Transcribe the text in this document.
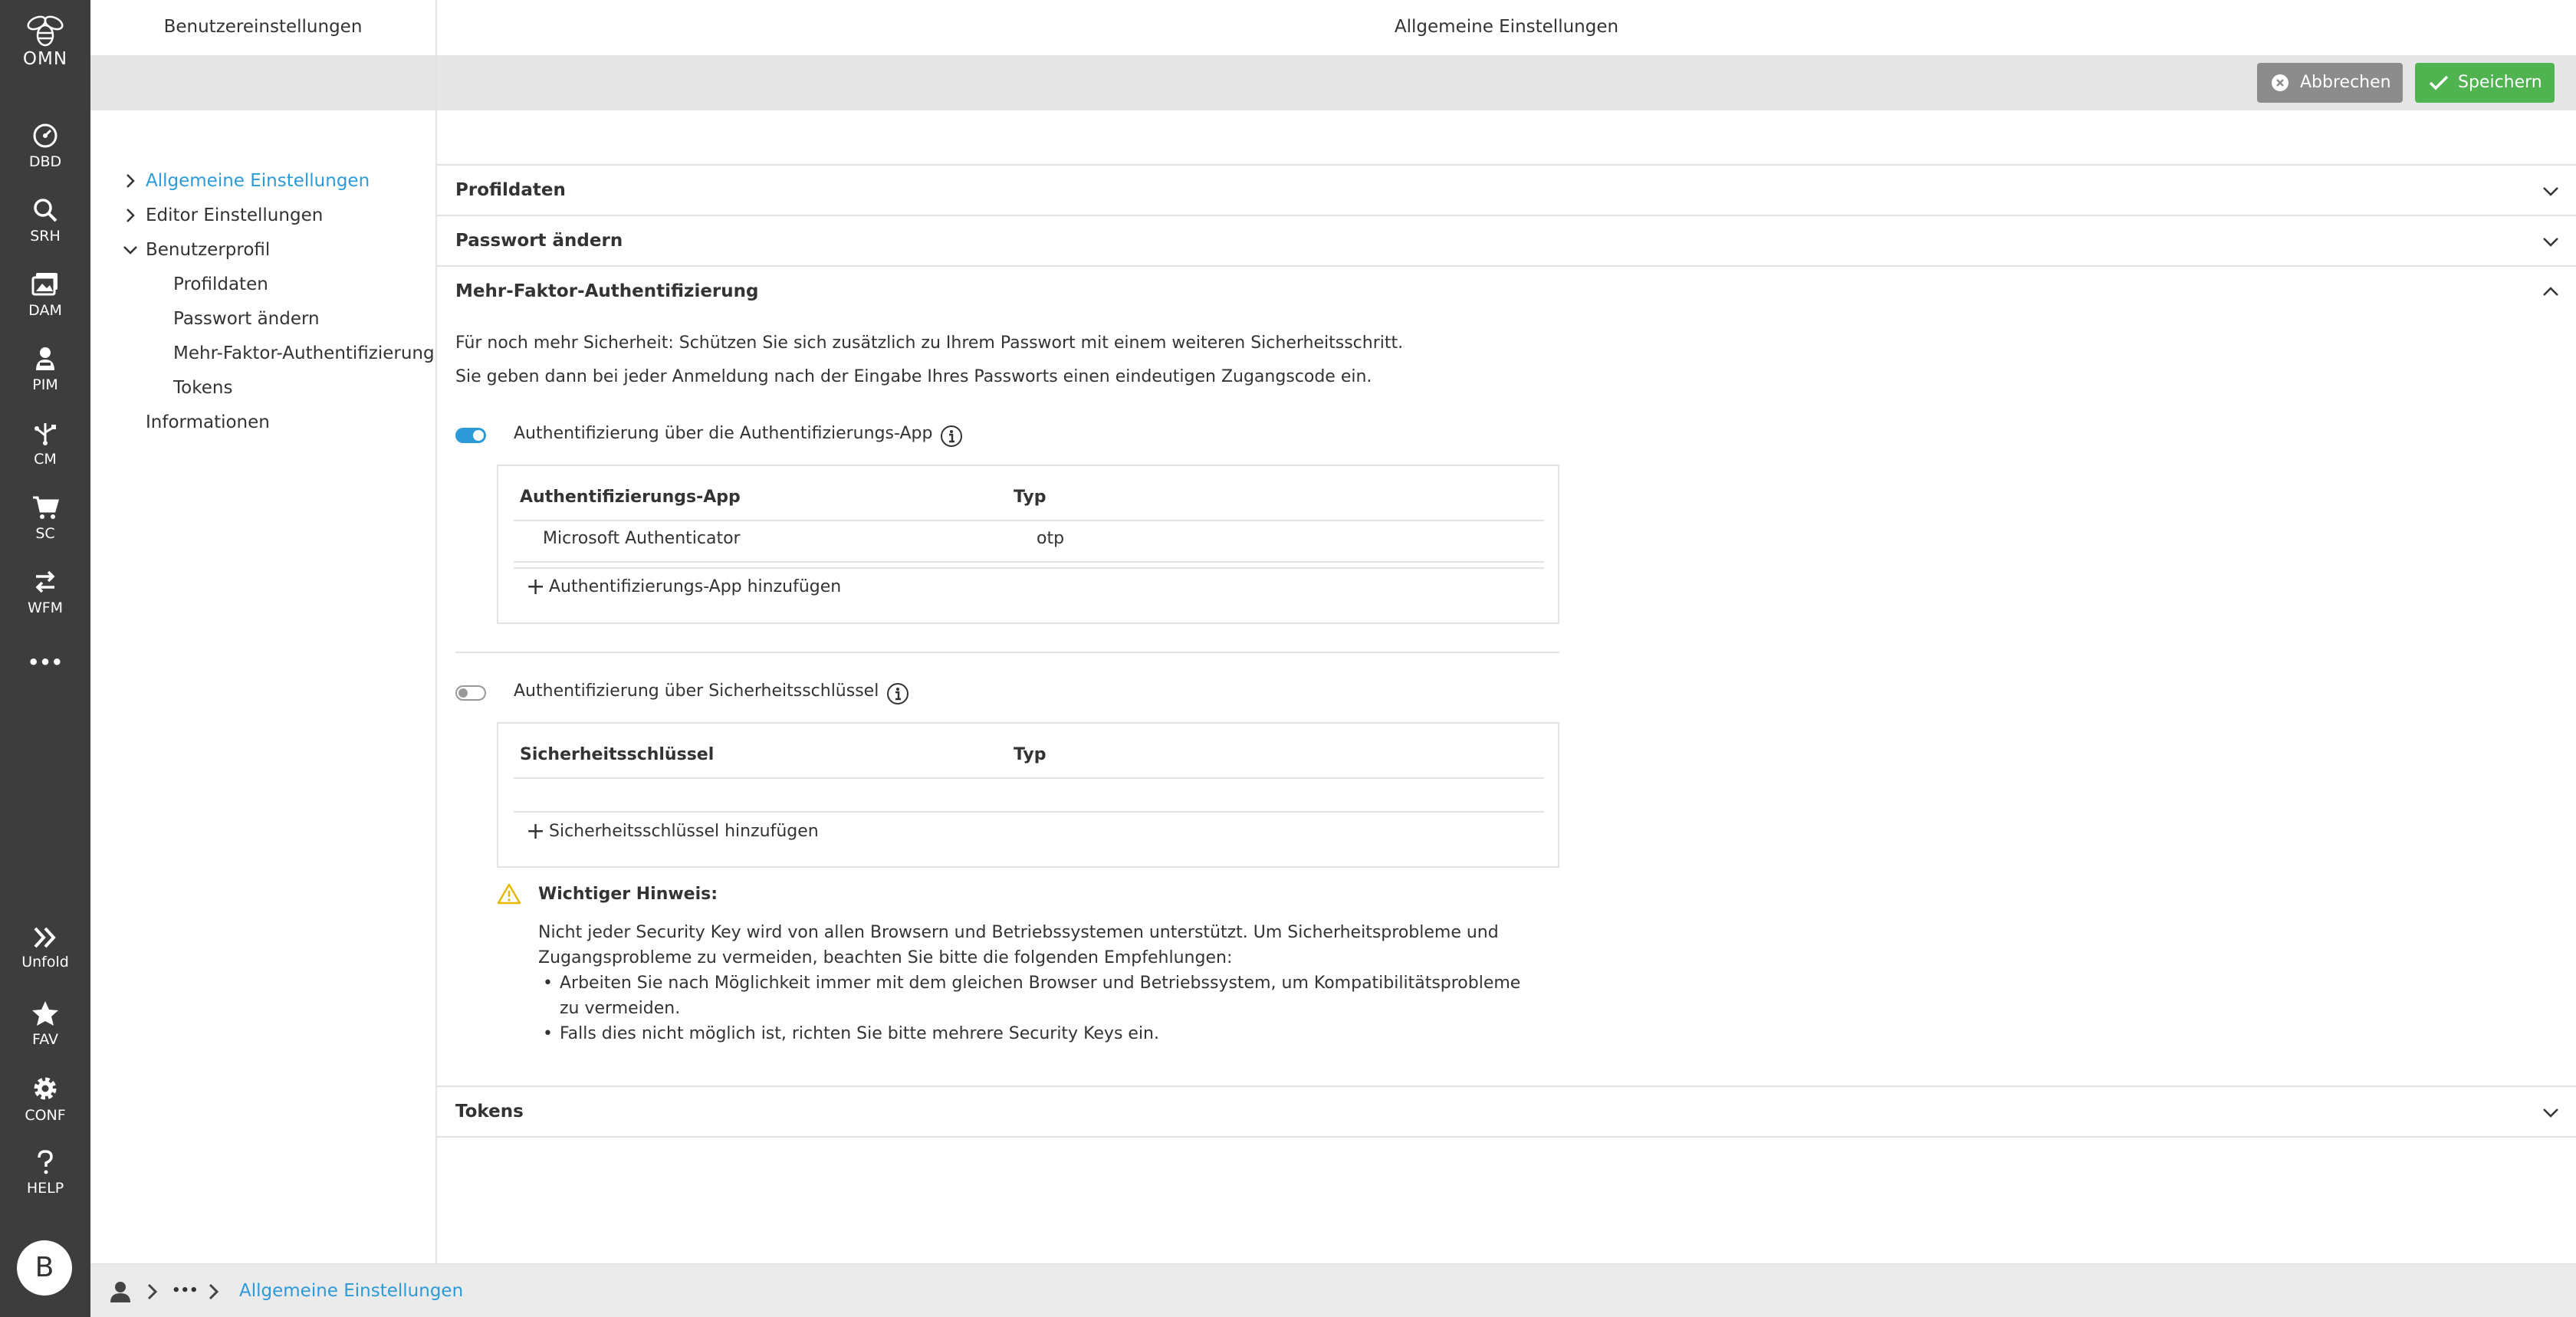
OMN
DBD
SRH
DAM
PIM
CM
SC
WFM
•••
Unfold
FAV
CONF
HELP
B
Benutzereinstellungen
Allgemeine Einstellungen
Editor Einstellungen
Benutzerprofil
Profildaten
Passwort ändern
Mehr-Faktor-Authentifizierung
Tokens
Informationen
Allgemeine Einstellungen
Abbrechen	Speichern
Profildaten
Passwort ändern
Mehr-Faktor-Authentifizierung
Für noch mehr Sicherheit: Schützen Sie sich zusätzlich zu Ihrem Passwort mit einem weiteren Sicherheitsschritt.
Sie geben dann bei jeder Anmeldung nach der Eingabe Ihres Passworts einen eindeutigen Zugangscode ein.
Authentifizierung über die Authentifizierungs-App
Authentifizierungs-App	Typ
Microsoft Authenticator	otp
+ Authentifizierungs-App hinzufügen
Authentifizierung über Sicherheitsschlüssel
Sicherheitsschlüssel	Typ
+ Sicherheitsschlüssel hinzufügen
Wichtiger Hinweis:
Nicht jeder Security Key wird von allen Browsern und Betriebssystemen unterstützt. Um Sicherheitsprobleme und Zugangsprobleme zu vermeiden, beachten Sie bitte die folgenden Empfehlungen:
• Arbeiten Sie nach Möglichkeit immer mit dem gleichen Browser und Betriebssystem, um Kompatibilitätsprobleme zu vermeiden.
• Falls dies nicht möglich ist, richten Sie bitte mehrere Security Keys ein.
Tokens
••• Allgemeine Einstellungen
